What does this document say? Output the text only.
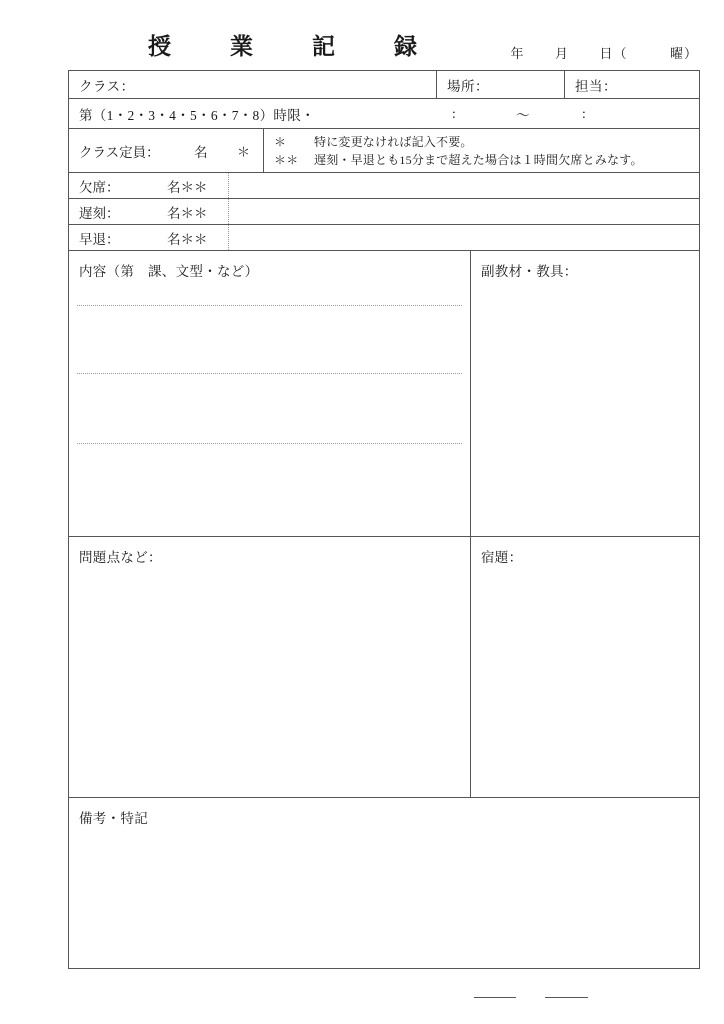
授　業　記　録	年 月 日（	曜）
クラス：	場所：	担当：
第（1・2・3・4・5・6・7・8）時限・	:	～	:
クラス定員：	名 ＊
＊	特に変更なければ記入不要。
＊＊	遅刻・早退とも15分まで超えた場合は１時間欠席とみなす。
欠席：	名＊＊
遅刻：	名＊＊
早退：	名＊＊
内容（第　課、文型・など）	副教材・教具：
問題点など：	宿題：
備考・特記
